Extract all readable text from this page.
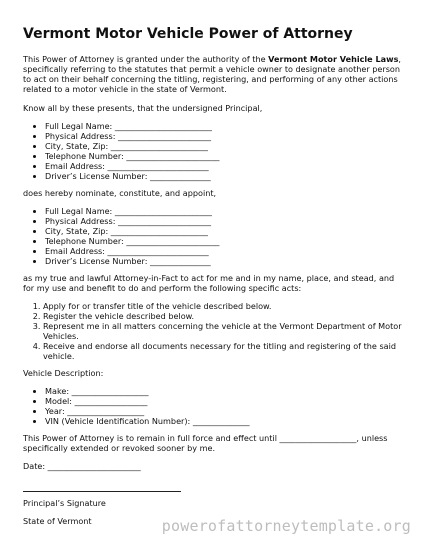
Vermont Motor Vehicle Power of Attorney

This Power of Attorney is granted under the authority of the Vermont Motor Vehicle Laws, specifically referring to the statutes that permit a vehicle owner to designate another person to act on their behalf concerning the titling, registering, and performing of any other actions related to a motor vehicle in the state of Vermont.

Know all by these presents, that the undersigned Principal,

• Full Legal Name: ________________________
• Physical Address: _______________________
• City, State, Zip: ________________________
• Telephone Number: _______________________
• Email Address: _________________________
• Driver’s License Number: _______________

does hereby nominate, constitute, and appoint,

• Full Legal Name: ________________________
• Physical Address: _______________________
• City, State, Zip: ________________________
• Telephone Number: _______________________
• Email Address: _________________________
• Driver’s License Number: _______________

as my true and lawful Attorney-in-Fact to act for me and in my name, place, and stead, and for my use and benefit to do and perform the following specific acts:

1. Apply for or transfer title of the vehicle described below.
2. Register the vehicle described below.
3. Represent me in all matters concerning the vehicle at the Vermont Department of Motor Vehicles.
4. Receive and endorse all documents necessary for the titling and registering of the said vehicle.

Vehicle Description:

• Make: ___________________
• Model: __________________
• Year: ___________________
• VIN (Vehicle Identification Number): ______________

This Power of Attorney is to remain in full force and effect until ___________________, unless specifically extended or revoked sooner by me.

Date: _______________________

Principal’s Signature

State of Vermont	powerofattorneytemplate.org
